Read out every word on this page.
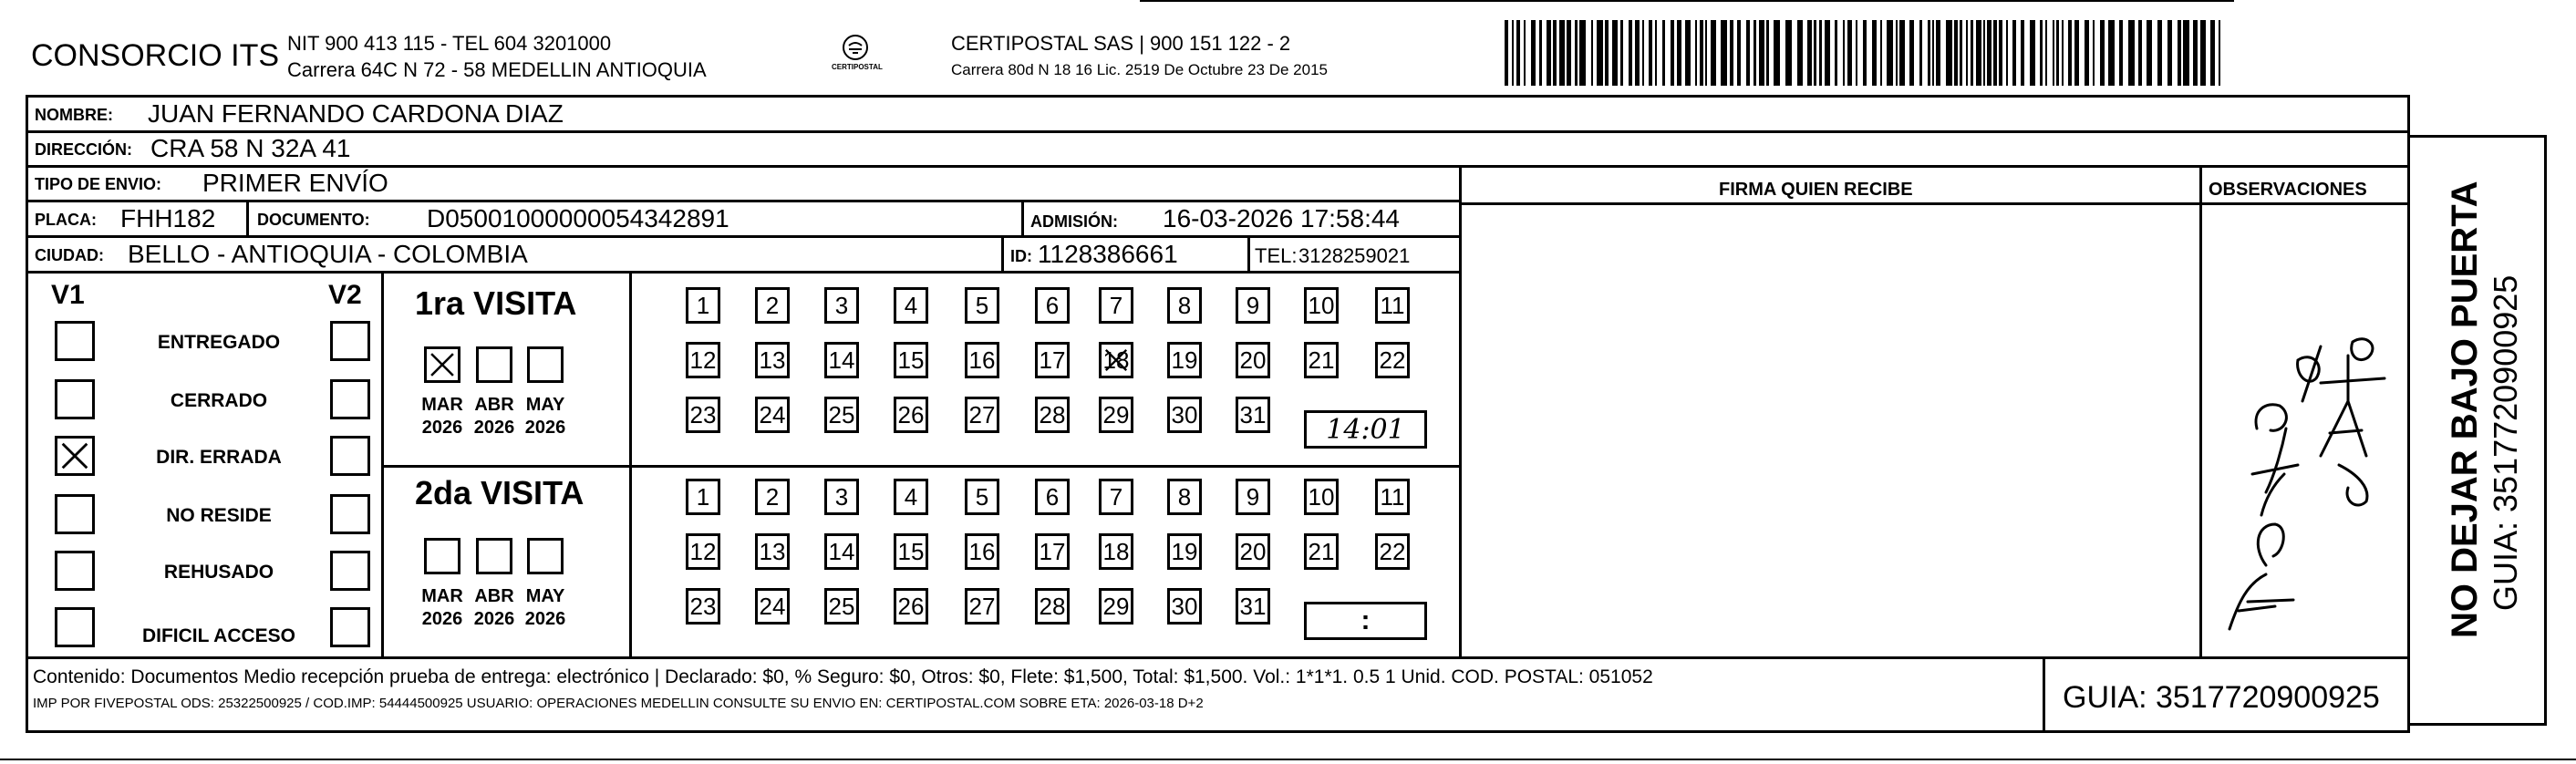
CONSORCIO ITS NIT 900 413 115 - TEL 604 3201000
Carrera 64C N 72 - 58 MEDELLIN ANTIOQUIA	CERTIPOSTAL
CERTIPOSTAL SAS | 900 151 122 - 2
Carrera 80d N 18 16 Lic. 2519 De Octubre 23 De 2015
NOMBRE: JUAN FERNANDO CARDONA DIAZ
DIRECCIÓN: CRA 58 N 32A 41
TIPO DE ENVIO: PRIMER ENVÍO	FIRMA QUIEN RECIBE	OBSERVACIONES
PLACA: FHH182	DOCUMENTO: D05001000000054342891	ADMISIÓN: 16-03-2026 17:58:44
CIUDAD: BELLO - ANTIOQUIA - COLOMBIA	ID: 1128386661	TEL: 3128259021
V1	V2
ENTREGADO
CERRADO
DIR. ERRADA
NO RESIDE
REHUSADO
DIFICIL ACCESO
1ra VISITA
2da VISITA
MAR
2026
ABR
2026
MAY
2026
MAR
2026
ABR
2026
MAY
2026
1 2 3 4 5 6 7 8 9 10 11
12 13 14 15 16 17 18 19 20 21 22
23 24 25 26 27 28 29 30 31
1 2 3 4 5 6 7 8 9 10 11
12 13 14 15 16 17 18 19 20 21 22
23 24 25 26 27 28 29 30 31
14:01
:
Contenido: Documentos Medio recepción prueba de entrega: electrónico | Declarado: $0, % Seguro: $0, Otros: $0, Flete: $1,500, Total: $1,500. Vol.: 1*1*1. 0.5 1 Unid. COD. POSTAL: 051052
IMP POR FIVEPOSTAL ODS: 25322500925 / COD.IMP: 54444500925 USUARIO: OPERACIONES MEDELLIN CONSULTE SU ENVIO EN: CERTIPOSTAL.COM SOBRE ETA: 2026-03-18 D+2	GUIA: 3517720900925
NO DEJAR BAJO PUERTA GUIA: 3517720900925
